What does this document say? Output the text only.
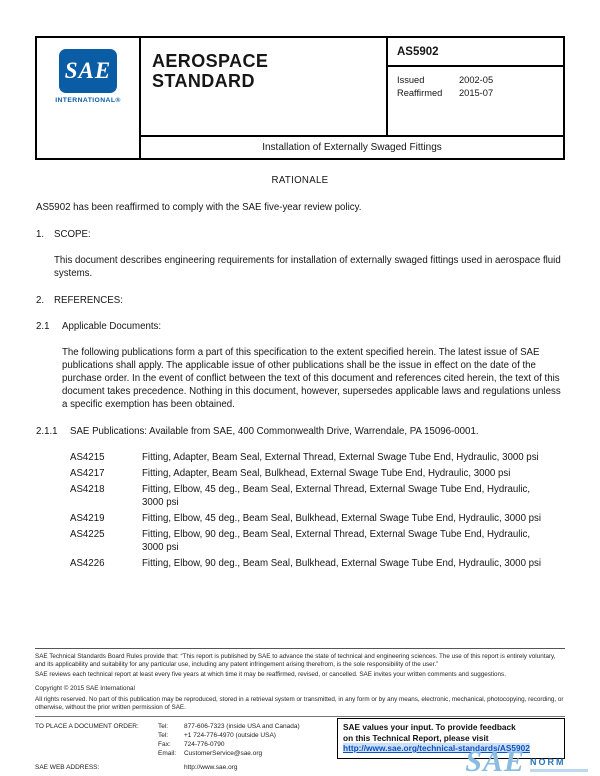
SAE
INTERNATIONAL®
AEROSPACE
STANDARD
AS5902
Issued	2002-05
Reaffirmed	2015-07
Installation of Externally Swaged Fittings
RATIONALE
AS5902 has been reaffirmed to comply with the SAE five-year review policy.
1.	SCOPE:
This document describes engineering requirements for installation of externally swaged fittings used in aerospace fluid systems.
2.	REFERENCES:
2.1	Applicable Documents:
The following publications form a part of this specification to the extent specified herein. The latest issue of SAE publications shall apply. The applicable issue of other publications shall be the issue in effect on the date of the purchase order. In the event of conflict between the text of this document and references cited herein, the text of this document takes precedence. Nothing in this document, however, supersedes applicable laws and regulations unless a specific exemption has been obtained.
2.1.1	SAE Publications: Available from SAE, 400 Commonwealth Drive, Warrendale, PA 15096-0001.
AS4215	Fitting, Adapter, Beam Seal, External Thread, External Swage Tube End, Hydraulic, 3000 psi
AS4217	Fitting, Adapter, Beam Seal, Bulkhead, External Swage Tube End, Hydraulic, 3000 psi
AS4218	Fitting, Elbow, 45 deg., Beam Seal, External Thread, External Swage Tube End, Hydraulic, 3000 psi
AS4219	Fitting, Elbow, 45 deg., Beam Seal, Bulkhead, External Swage Tube End, Hydraulic, 3000 psi
AS4225	Fitting, Elbow, 90 deg., Beam Seal, External Thread, External Swage Tube End, Hydraulic, 3000 psi
AS4226	Fitting, Elbow, 90 deg., Beam Seal, Bulkhead, External Swage Tube End, Hydraulic, 3000 psi
SAE Technical Standards Board Rules provide that: “This report is published by SAE to advance the state of technical and engineering sciences. The use of this report is entirely voluntary, and its applicability and suitability for any particular use, including any patent infringement arising therefrom, is the sole responsibility of the user.”
SAE reviews each technical report at least every five years at which time it may be reaffirmed, revised, or cancelled. SAE invites your written comments and suggestions.
Copyright © 2015 SAE International
All rights reserved. No part of this publication may be reproduced, stored in a retrieval system or transmitted, in any form or by any means, electronic, mechanical, photocopying, recording, or otherwise, without the prior written permission of SAE.
TO PLACE A DOCUMENT ORDER:	Tel:	877-606-7323 (inside USA and Canada)
Tel:	+1 724-776-4970 (outside USA)
Fax:	724-776-0790
Email:	CustomerService@sae.org
SAE WEB ADDRESS:	http://www.sae.org
SAE values your input. To provide feedback
on this Technical Report, please visit
http://www.sae.org/technical-standards/AS5902
SAE NORM
